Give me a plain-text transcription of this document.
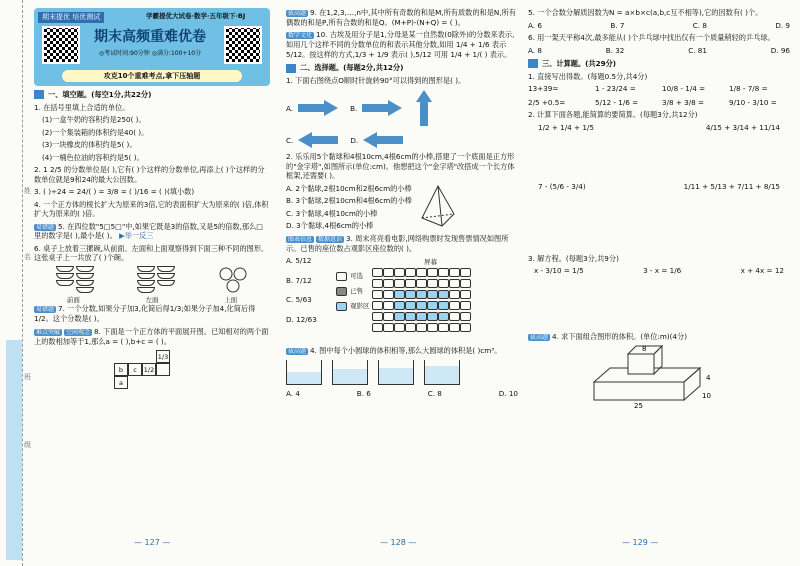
姓
名
班
级
期末提优 培优测试	学霸提优大试卷·数学·五年级下·BJ
期末高频重难优卷
◎考试时间:90分钟 ◎满分:100+10分
攻克10个重难考点,拿下压轴题
一、填空题。(每空1分,共22分)

1. 在括号里填上合适的单位。

(1)一盒牛奶的容积约是250( )。

(2)一个集装箱的体积约是40( )。

(3)一块橡皮的体积约是5( )。

(4)一桶色拉油的容积约是5( )。

2. 1 2/5 的分数单位是( ),它有( )个这样的分数单位,再添上( )个这样的分数单位就是9和24的最大公因数。

3. ( )÷24 = 24/( ) = 3/8 = ( )/16 = ( )(填小数)

4. 一个正方体的棱长扩大为原来的3倍,它的表面积扩大为原来的( )倍,体积扩大为原来的( )倍。

易错题 5. 在四位数"5□5□"中,如果它既是3的倍数,又是5的倍数,那么□里的数字是( ),最小是( )。 ▶举一反三

6. 桌子上放着三摞碗,从前面、左面和上面观察得到下面三种不同的图形,这张桌子上一共放了( )个碗。

前面	左面	上面

易错题 7. 一个分数,如果分子加3,化简后得1/3;如果分子加4,化简后得1/2。这个分数是( )。

难点突破 空间观念 8. 下面是一个正方体的平面展开图。已知相对的两个面上的数相加等于1,那么a = ( ),b+c = ( )。

			1/3
b	c	1/2	
a			
— 127 —

拔高题 9. 在1,2,3,…,n中,其中所有奇数的和是M,所有质数的和是N,所有偶数的和是P,所有合数的和是Q。(M+P)-(N+Q) = ( )。

数学文化 10. 古埃及用分子是1,分母是某一自然数(0除外)的分数来表示,如用几个这样不同的分数单位的和表示其他分数,如用 1/4 + 1/6 表示 5/12。按这样的方式,1/3 + 1/9 表示( ),5/12 可用 1/4 + 1/( ) 表示。

二、选择题。(每题2分,共12分)

1. 下面右图绕点O顺时针旋转90°可以得到的图形是( )。

A.	B.
C.	D.

2. 乐乐用5个黏球和4根10cm,4根6cm的小棒,搭建了一个底面是正方形的"金字塔",如图所示(单位:cm)。他想把这个"金字塔"改搭成一个长方体框架,还需要( )。

A. 2个黏球,2根10cm和2根6cm的小棒

B. 3个黏球,2根10cm和4根6cm的小棒

C. 3个黏球,4根10cm的小棒

D. 3个黏球,4根6cm的小棒

图表信息 数据意识 3. 周末亮亮看电影,网络购票时发现售票情况如图所示。已售的座位数占观影区座位数的( )。

A. 5/12

B. 7/12

C. 5/63

D. 12/63

屏幕
可选
已售
观影区

拔高题 4. 图中每个小圆球的体积相等,那么大圆球的体积是( )cm³。

A. 4	B. 6	C. 8	D. 10
— 128 —

5. 一个合数分解质因数为N = a×b×c(a,b,c互不相等),它的因数有( )个。

A. 6	B. 7	C. 8	D. 9

6. 用一架天平称4次,最多能从( )个乒乓球中找出仅有一个质量稍轻的乒乓球。

A. 8	B. 32	C. 81	D. 96
三、计算题。(共29分)

1. 直接写出得数。(每题0.5分,共4分)

13+39=	1 - 23/24 =	10/8 - 1/4 =	1/8 - 7/8 =
2/5 +0.5=	5/12 - 1/6 =	3/8 + 3/8 =	9/10 - 3/10 =

2. 计算下面各题,能简算的要简算。(每题3分,共12分)

1/2 + 1/4 + 1/5	4/15 + 3/14 + 11/14
7 - (5/6 - 3/4)	1/11 + 5/13 + 7/11 + 8/15

3. 解方程。(每题3分,共9分)

x - 3/10 = 1/5	3 - x = 1/6	x + 4x = 12

拔高题 4. 求下面组合图形的体积。(单位:m)(4分)

8
4
10
25
— 129 —
